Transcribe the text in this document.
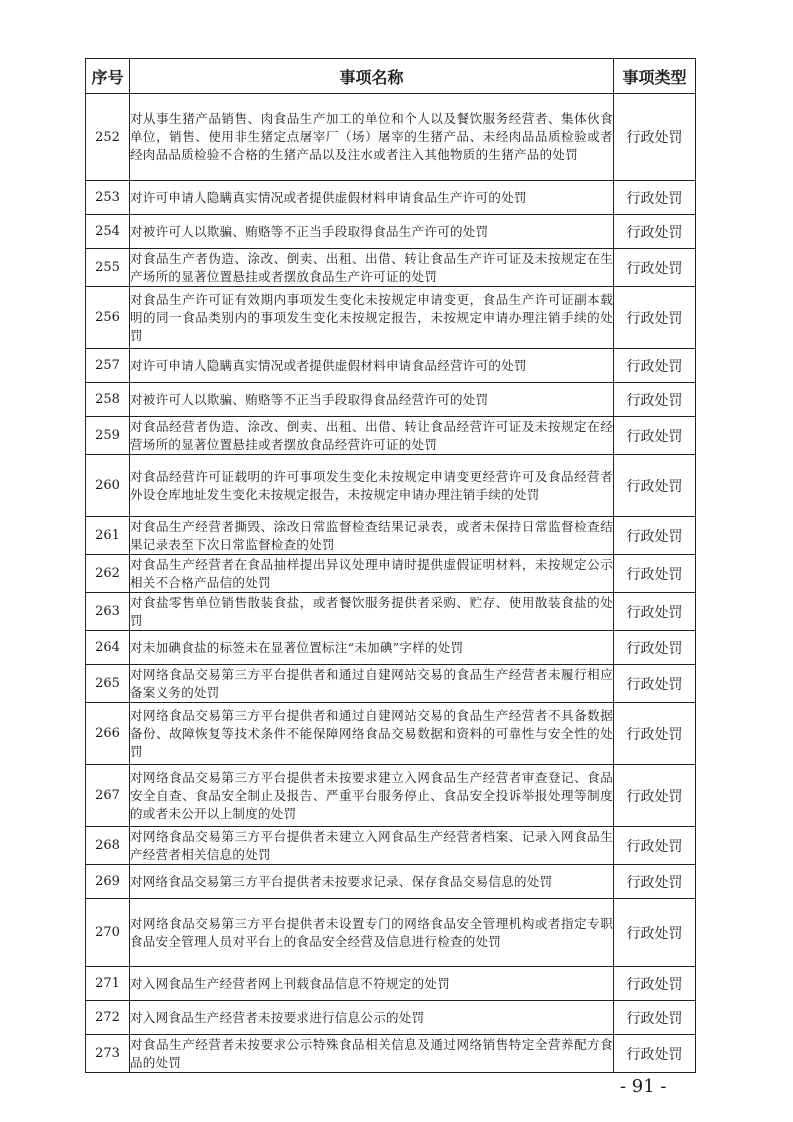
序号	事项名称	事项类型
252	对从事生猪产品销售、肉食品生产加工的单位和个人以及餐饮服务经营者、集体伙食单位，销售、使用非生猪定点屠宰厂（场）屠宰的生猪产品、未经肉品品质检验或者经肉品品质检验不合格的生猪产品以及注水或者注入其他物质的生猪产品的处罚	行政处罚
253	对许可申请人隐瞒真实情况或者提供虚假材料申请食品生产许可的处罚	行政处罚
254	对被许可人以欺骗、贿赂等不正当手段取得食品生产许可的处罚	行政处罚
255	对食品生产者伪造、涂改、倒卖、出租、出借、转让食品生产许可证及未按规定在生产场所的显著位置悬挂或者摆放食品生产许可证的处罚	行政处罚
256	对食品生产许可证有效期内事项发生变化未按规定申请变更，食品生产许可证副本载明的同一食品类别内的事项发生变化未按规定报告，未按规定申请办理注销手续的处罚	行政处罚
257	对许可申请人隐瞒真实情况或者提供虚假材料申请食品经营许可的处罚	行政处罚
258	对被许可人以欺骗、贿赂等不正当手段取得食品经营许可的处罚	行政处罚
259	对食品经营者伪造、涂改、倒卖、出租、出借、转让食品经营许可证及未按规定在经营场所的显著位置悬挂或者摆放食品经营许可证的处罚	行政处罚
260	对食品经营许可证载明的许可事项发生变化未按规定申请变更经营许可及食品经营者外设仓库地址发生变化未按规定报告，未按规定申请办理注销手续的处罚	行政处罚
261	对食品生产经营者撕毁、涂改日常监督检查结果记录表，或者未保持日常监督检查结果记录表至下次日常监督检查的处罚	行政处罚
262	对食品生产经营者在食品抽样提出异议处理申请时提供虚假证明材料，未按规定公示相关不合格产品信的处罚	行政处罚
263	对食盐零售单位销售散装食盐，或者餐饮服务提供者采购、贮存、使用散装食盐的处罚	行政处罚
264	对未加碘食盐的标签未在显著位置标注“未加碘”字样的处罚	行政处罚
265	对网络食品交易第三方平台提供者和通过自建网站交易的食品生产经营者未履行相应备案义务的处罚	行政处罚
266	对网络食品交易第三方平台提供者和通过自建网站交易的食品生产经营者不具备数据备份、故障恢复等技术条件不能保障网络食品交易数据和资料的可靠性与安全性的处罚	行政处罚
267	对网络食品交易第三方平台提供者未按要求建立入网食品生产经营者审查登记、食品安全自查、食品安全制止及报告、严重平台服务停止、食品安全投诉举报处理等制度的或者未公开以上制度的处罚	行政处罚
268	对网络食品交易第三方平台提供者未建立入网食品生产经营者档案、记录入网食品生产经营者相关信息的处罚	行政处罚
269	对网络食品交易第三方平台提供者未按要求记录、保存食品交易信息的处罚	行政处罚
270	对网络食品交易第三方平台提供者未设置专门的网络食品安全管理机构或者指定专职食品安全管理人员对平台上的食品安全经营及信息进行检查的处罚	行政处罚
271	对入网食品生产经营者网上刊载食品信息不符规定的处罚	行政处罚
272	对入网食品生产经营者未按要求进行信息公示的处罚	行政处罚
273	对食品生产经营者未按要求公示特殊食品相关信息及通过网络销售特定全营养配方食品的处罚	行政处罚
- 91 -
